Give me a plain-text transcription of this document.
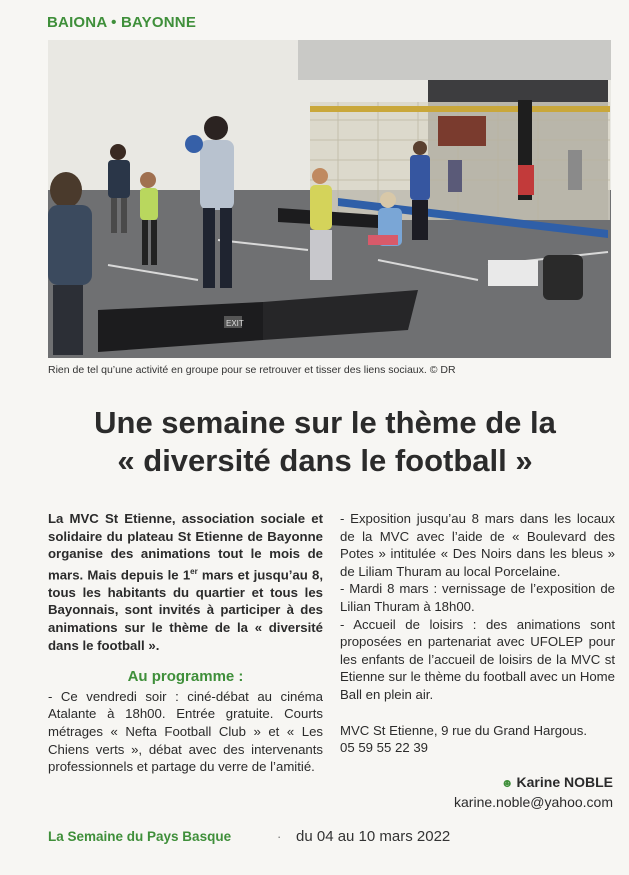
BAIONA • BAYONNE
EXIT
Rien de tel qu’une activité en groupe pour se retrouver et tisser des liens sociaux. © DR
Une semaine sur le thème de la
« diversité dans le football »

La MVC St Etienne, association sociale et solidaire du plateau St Etienne de Bayonne organise des animations tout le mois de mars. Mais depuis le 1er mars et jusqu’au 8, tous les habitants du quartier et tous les Bayonnais, sont invités à participer à des animations sur le thème de la « diversité dans le football ».

Au programme :

- Ce vendredi soir : ciné-débat au cinéma Atalante à 18h00. Entrée gratuite. Courts métrages « Nefta Football Club » et « Les Chiens verts », débat avec des intervenants professionnels et partage du verre de l’amitié.

- Exposition jusqu’au 8 mars dans les locaux de la MVC avec l’aide de « Boulevard des Potes » intitulée « Des Noirs dans les bleus » de Liliam Thuram au local Porcelaine.

- Mardi 8 mars : vernissage de l’exposition de Lilian Thuram à 18h00.

- Accueil de loisirs : des animations sont proposées en partenariat avec UFOLEP pour les enfants de l’accueil de loisirs de la MVC st Etienne sur le thème du football avec un Home Ball en plein air.

MVC St Etienne, 9 rue du Grand Hargous.
05 59 55 22 39
☻ Karine NOBLE
karine.noble@yahoo.com
La Semaine du Pays Basque	· du 04 au 10 mars 2022
